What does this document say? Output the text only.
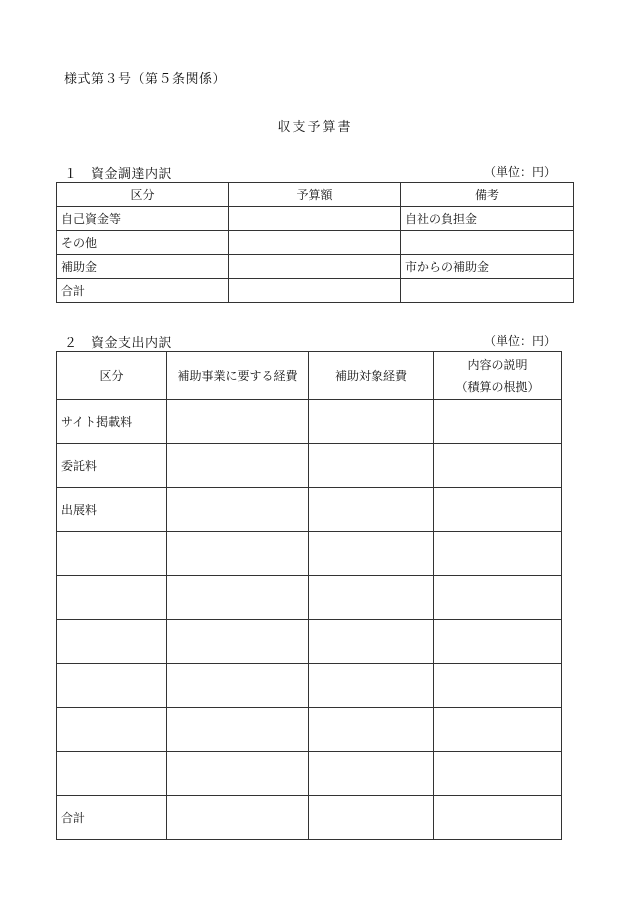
様式第３号（第５条関係）
収支予算書
１　資金調達内訳	（単位：円）
区分	予算額	備考
自己資金等		自社の負担金
その他		
補助金		市からの補助金
合計		
２　資金支出内訳	（単位：円）
区分	補助事業に要する経費	補助対象経費	内容の説明
（積算の根拠）

サイト掲載料			
委託料			
出展料			

合計			
